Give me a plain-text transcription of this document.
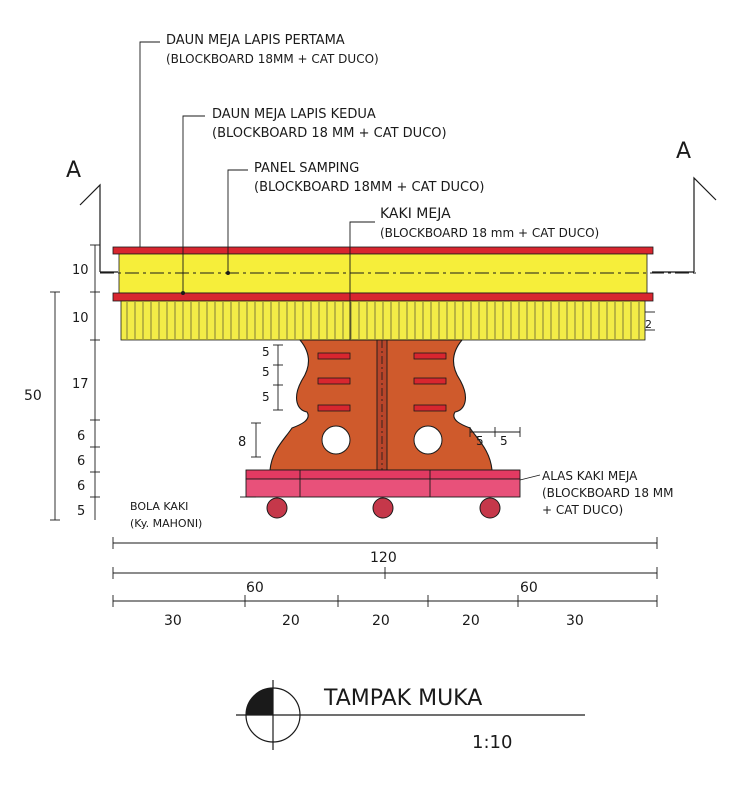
A
A
DAUN MEJA LAPIS PERTAMA
(BLOCKBOARD 18MM + CAT DUCO)
DAUN MEJA LAPIS KEDUA
(BLOCKBOARD 18 MM + CAT DUCO)
PANEL SAMPING
(BLOCKBOARD 18MM + CAT DUCO)
KAKI MEJA
(BLOCKBOARD 18 mm + CAT DUCO)
ALAS KAKI MEJA
(BLOCKBOARD 18 MM
+ CAT DUCO)
BOLA KAKI
(Ky. MAHONI)
50
10
10
17
6
6
6
5
5
5
5
8	5 5
2
120
60	60
30	20	20	20	30
TAMPAK MUKA
1:10
